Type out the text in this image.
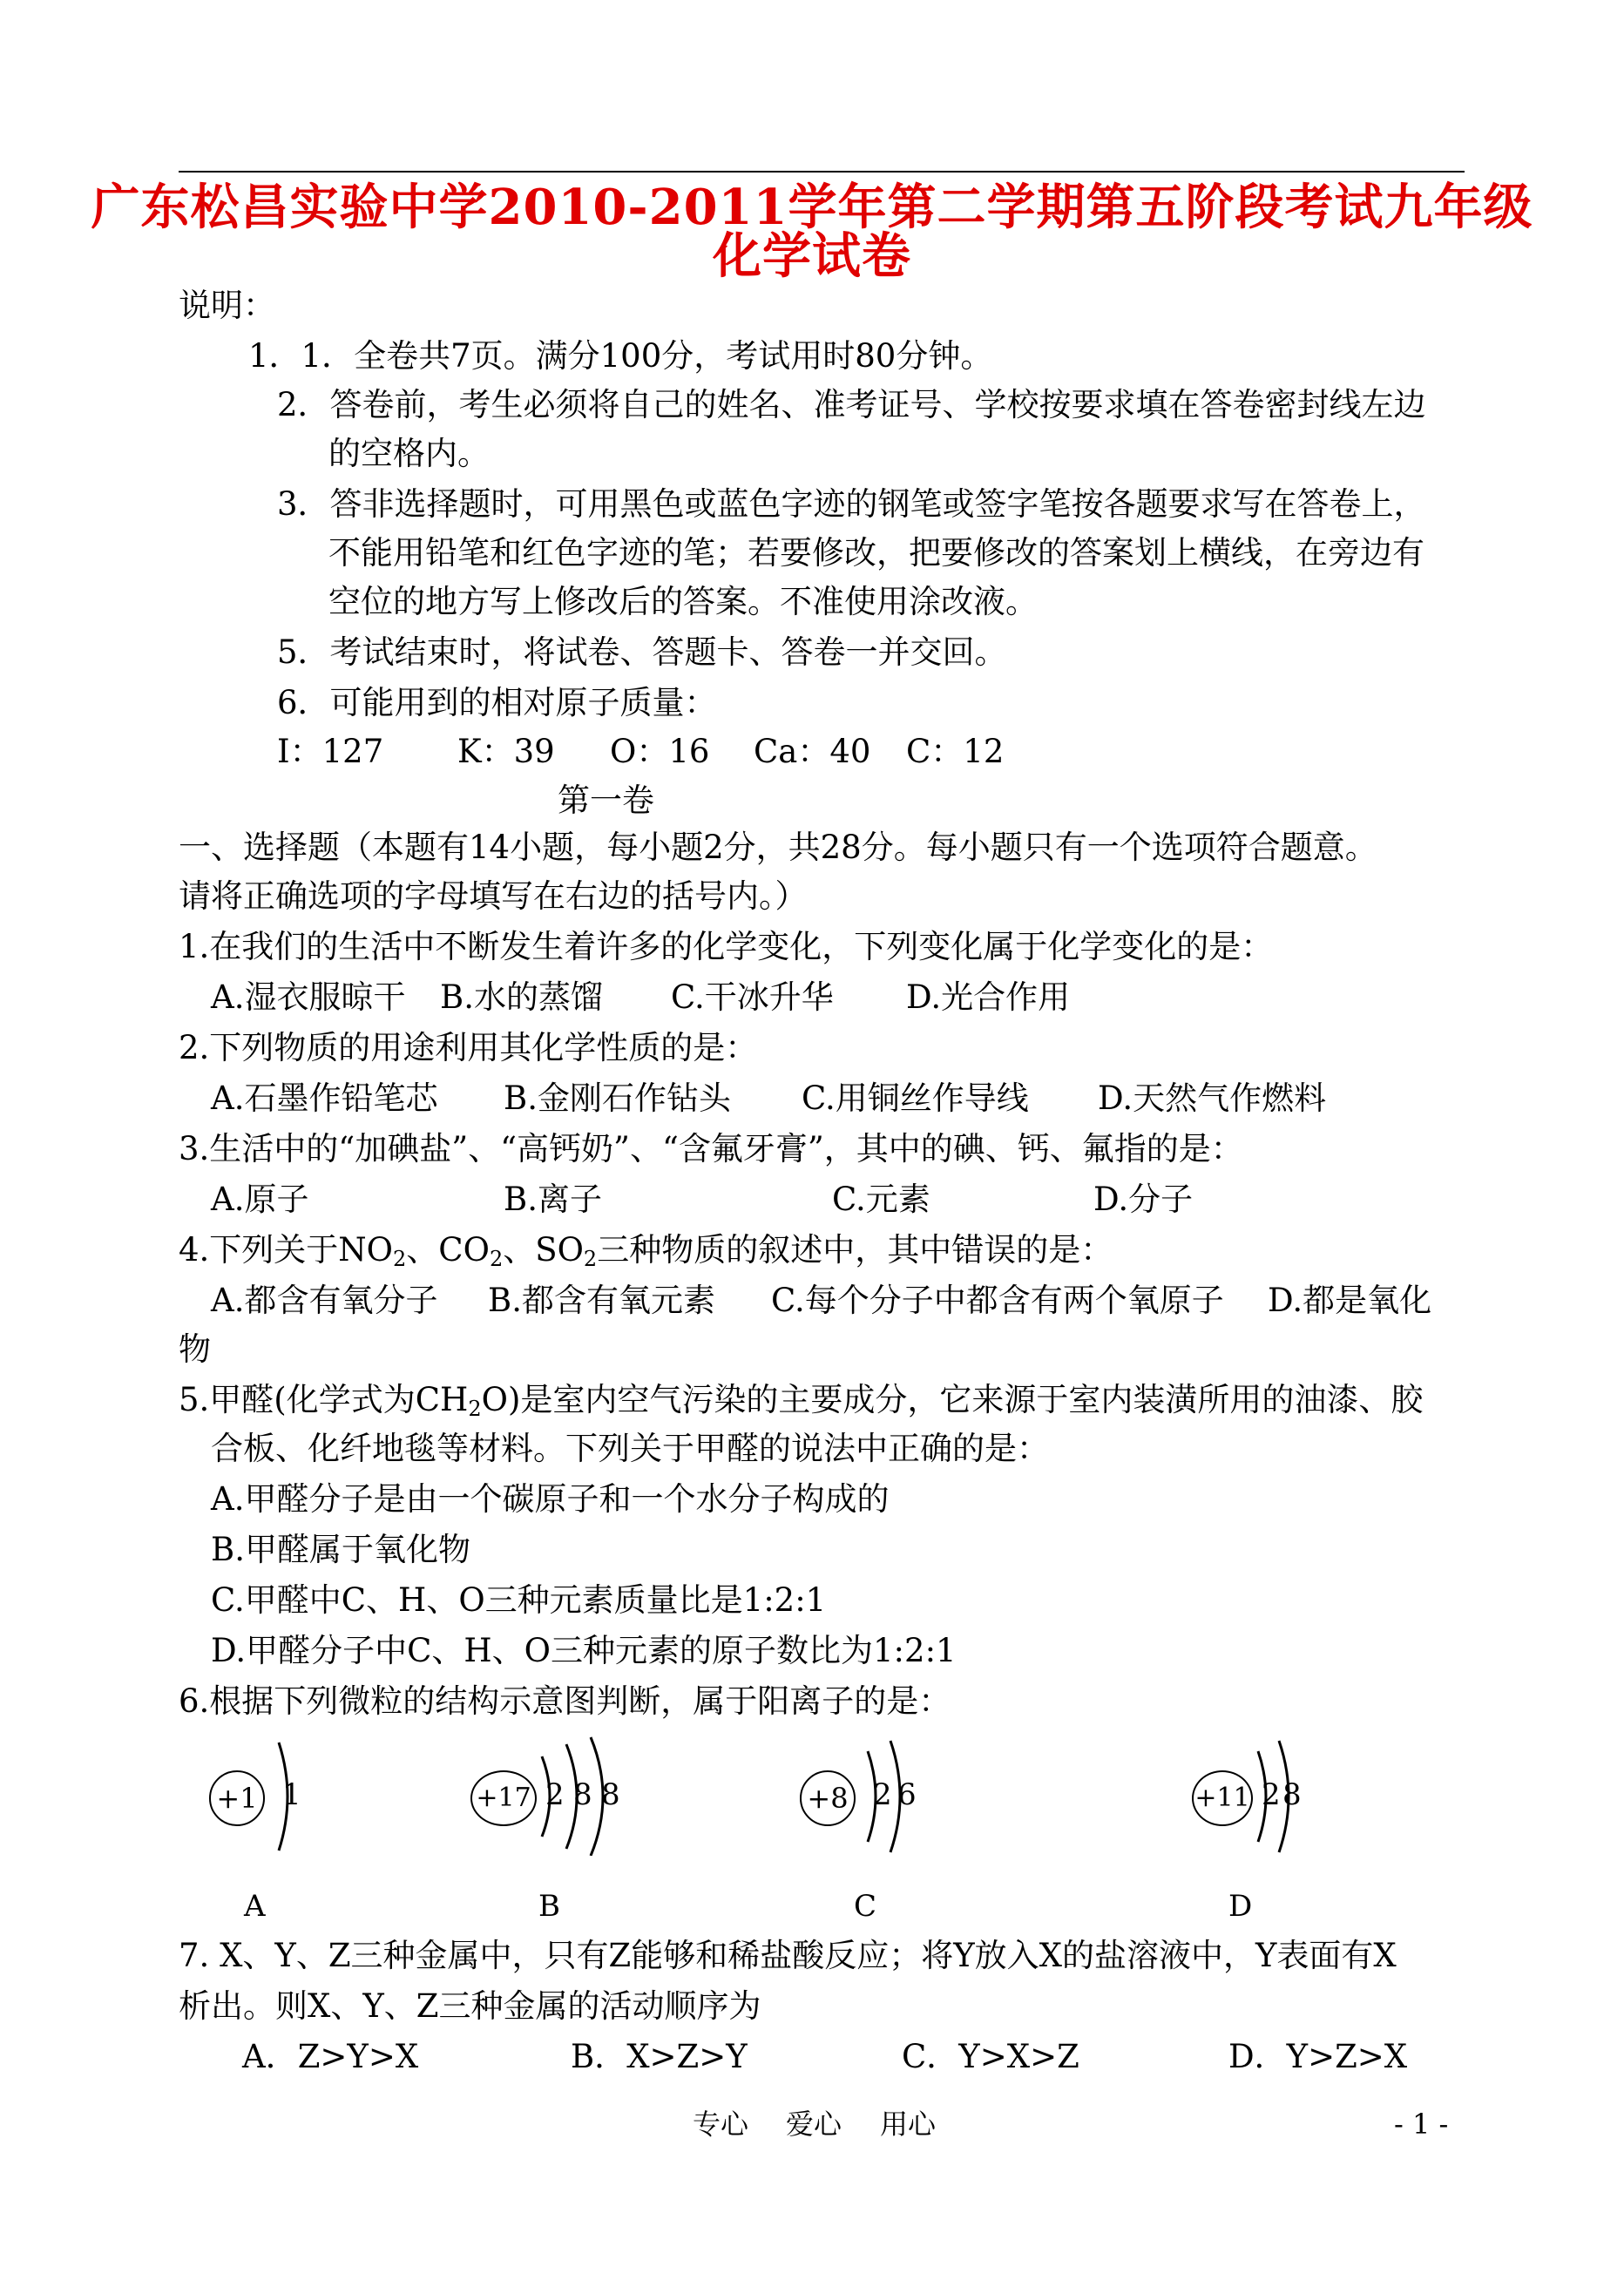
广东松昌实验中学2010-2011学年第二学期第五阶段考试九年级
化学试卷
说明：
1．1．全卷共7页。满分100分，考试用时80分钟。
2．答卷前，考生必须将自己的姓名、准考证号、学校按要求填在答卷密封线左边
的空格内。
3．答非选择题时，可用黑色或蓝色字迹的钢笔或签字笔按各题要求写在答卷上，
不能用铅笔和红色字迹的笔；若要修改，把要修改的答案划上横线，在旁边有
空位的地方写上修改后的答案。不准使用涂改液。
5．考试结束时，将试卷、答题卡、答卷一并交回。
6．可能用到的相对原子质量：
I：127 K：39 O：16 Ca：40 C：12
第一卷
一、选择题（本题有14小题，每小题2分，共28分。每小题只有一个选项符合题意。
请将正确选项的字母填写在右边的括号内。）
1.在我们的生活中不断发生着许多的化学变化，下列变化属于化学变化的是：
A.湿衣服晾干 B.水的蒸馏 C.干冰升华 D.光合作用
2.下列物质的用途利用其化学性质的是：
A.石墨作铅笔芯 B.金刚石作钻头 C.用铜丝作导线 D.天然气作燃料
3.生活中的“加碘盐”、“高钙奶”、“含氟牙膏”，其中的碘、钙、氟指的是：
A.原子	B.离子	C.元素	D.分子
4.下列关于$NO_2$、$CO_2$、$SO_2$三种物质的叙述中，其中错误的是：
A.都含有氧分子 B.都含有氧元素 C.每个分子中都含有两个氧原子 D.都是氧化
物
5.甲醛(化学式为$CH_2O$)是室内空气污染的主要成分，它来源于室内装潢所用的油漆、胶
合板、化纤地毯等材料。下列关于甲醛的说法中正确的是：
A.甲醛分子是由一个碳原子和一个水分子构成的
B.甲醛属于氧化物
C.甲醛中C、H、O三种元素质量比是1:2:1
D.甲醛分子中C、H、O三种元素的原子数比为1:2:1
6.根据下列微粒的结构示意图判断，属于阳离子的是：
+1 1
A
+17 2 8 8
B
+8 2 6
C
+11 2 8
D
7. X、Y、Z三种金属中，只有Z能够和稀盐酸反应；将Y放入X的盐溶液中，Y表面有X
析出。则X、Y、Z三种金属的活动顺序为
A．Z>Y>X	B．X>Z>Y	C．Y>X>Z	D．Y>Z>X
专心 爱心 用心	- 1 -
